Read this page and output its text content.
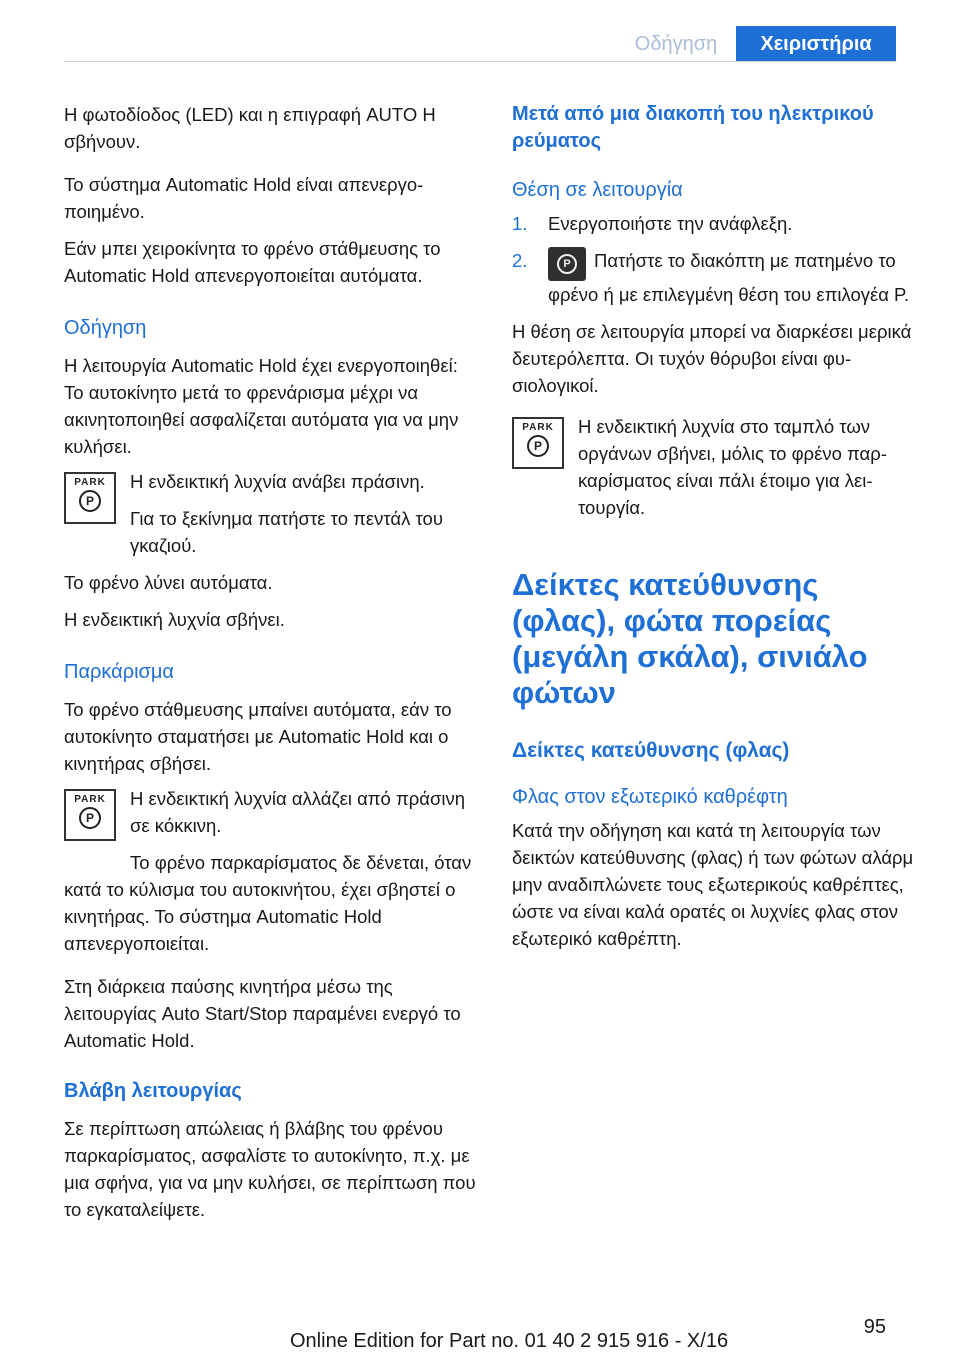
Οδήγηση	Χειριστήρια

Η φωτοδίοδος (LED) και η επιγραφή AUTO Η σβήνουν.

Το σύστημα Automatic Hold είναι απενεργοποιημένο.

Εάν μπει χειροκίνητα το φρένο στάθμευσης το Automatic Hold απενεργοποιείται αυτόματα.

Οδήγηση

Η λειτουργία Automatic Hold έχει ενεργοποιηθεί: Το αυτοκίνητο μετά το φρενάρισμα μέχρι να ακινητοποιηθεί ασφαλίζεται αυτόματα για να μην κυλήσει.

PARK
P

Η ενδεικτική λυχνία ανάβει πράσινη.

Για το ξεκίνημα πατήστε το πεντάλ του γκαζιού.

Το φρένο λύνει αυτόματα.

Η ενδεικτική λυχνία σβήνει.

Παρκάρισμα

Το φρένο στάθμευσης μπαίνει αυτόματα, εάν το αυτοκίνητο σταματήσει με Automatic Hold και ο κινητήρας σβήσει.

PARK
P

Η ενδεικτική λυχνία αλλάζει από πράσινη σε κόκκινη.

Το φρένο παρκαρίσματος δε δένεται, όταν κατά το κύλισμα του αυτοκινήτου, έχει σβηστεί ο κινητήρας. Το σύστημα Automatic Hold απενεργοποιείται.

Στη διάρκεια παύσης κινητήρα μέσω της λειτουργίας Auto Start/Stop παραμένει ενεργό το Automatic Hold.

Βλάβη λειτουργίας

Σε περίπτωση απώλειας ή βλάβης του φρένου παρκαρίσματος, ασφαλίστε το αυτοκίνητο, π.χ. με μια σφήνα, για να μην κυλήσει, σε περίπτωση που το εγκαταλείψετε.

Μετά από μια διακοπή του ηλεκτρικού ρεύματος
Θέση σε λειτουργία
1. Ενεργοποιήστε την ανάφλεξη.
2.	P	Πατήστε το διακόπτη με πατημένο το φρένο ή με επιλεγμένη θέση του επιλογέα P.

Η θέση σε λειτουργία μπορεί να διαρκέσει μερικά δευτερόλεπτα. Οι τυχόν θόρυβοι είναι φυσιολογικοί.

PARK
P

Η ενδεικτική λυχνία στο ταμπλό των οργάνων σβήνει, μόλις το φρένο παρκαρίσματος είναι πάλι έτοιμο για λειτουργία.

Δείκτες κατεύθυνσης (φλας), φώτα πορείας (μεγάλη σκάλα), σινιάλο φώτων
Δείκτες κατεύθυνσης (φλας)
Φλας στον εξωτερικό καθρέφτη

Κατά την οδήγηση και κατά τη λειτουργία των δεικτών κατεύθυνσης (φλας) ή των φώτων αλάρμ μην αναδιπλώνετε τους εξωτερικούς καθρέπτες, ώστε να είναι καλά ορατές οι λυχνίες φλας στον εξωτερικό καθρέπτη.

95
Online Edition for Part no. 01 40 2 915 916 - X/16
